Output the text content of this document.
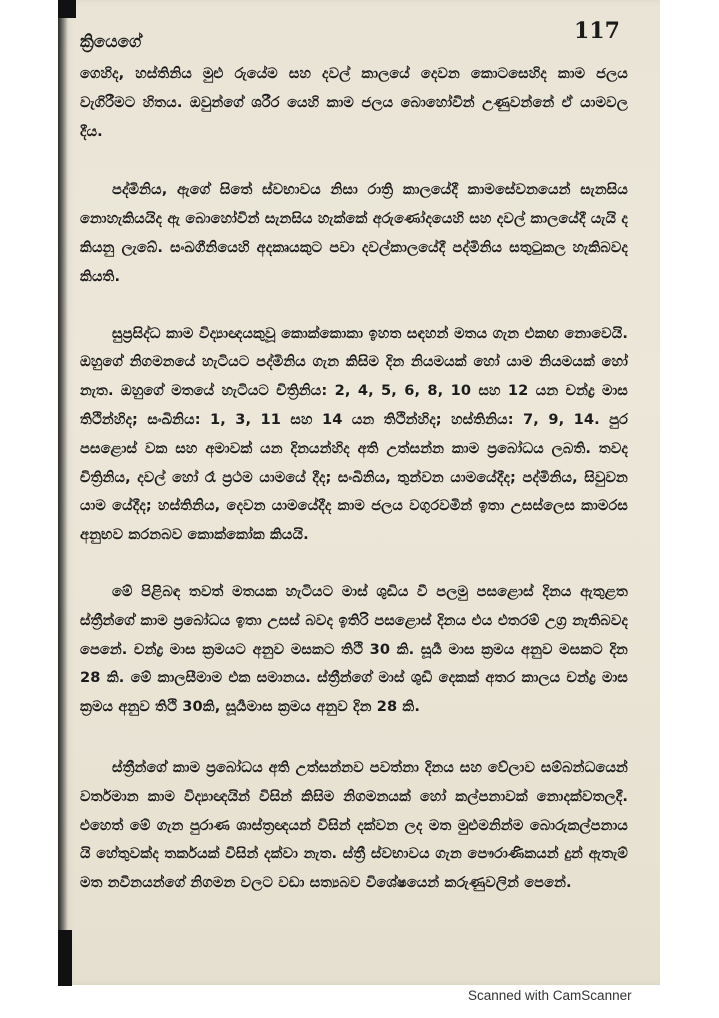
ක්‍රියෙගේ	117

ගෙහිද, හස්තිනිය මුළු රුයේම සහ දවල් කාලයේ දෙවන කොටසෙහිද කාම ජලය වැගිරීමට හිතය. ඔවුන්ගේ ශරීර යෙහි කාම ජලය බොහෝවින් උණුවන්නේ ඒ යාමවල දීය.

පද්මිනිය, ඇගේ සිතේ ස්වභාවය නිසා රාත්‍රි කාලයේදී කාමසේවනයෙන් සැනසිය නොහැකියයිද ඇ බොහෝවින් සැනසිය හැක්කේ අරුණෝදයෙහි සහ දවල් කාලයේදී යැයි ද කියනු ලැබේ. සංඛගීනියෙහි අදකෘයකුට පවා දවල්කාලයේදී පද්මිනිය සතුටුකල හැකිබවද කියති.

සුප්‍රසිද්ධ කාම විද්‍යාඥයකුවූ කොක්කොකා ඉහත සඳහන් මතය ගැන එකඟ නොවෙයි. ඔහුගේ නිගමනයේ හැටියට පද්මිනිය ගැන කිසිම දින නියමයක් හෝ යාම නියමයක් හෝ නැත. ඔහුගේ මතයේ හැටියට චිත්‍රිනිය: 2, 4, 5, 6, 8, 10 සහ 12 යන චන්ද්‍ර මාස තිථින්හිද; සංඛිනිය: 1, 3, 11 සහ 14 යන තිථින්හිද; හස්තිනිය: 7, 9, 14. පුර පසළොස් වක සහ අමාවක් යන දිනයන්හිද අති උත්සන්න කාම ප්‍රබෝධය ලබති. තවද චිත්‍රිනිය, දවල් හෝ රෑ ප්‍රථම යාමයේ දීද; සංඛිනිය, තුන්වන යාමයේදීද; පද්මිනිය, සිවුවන යාම යේදීද; හස්තිනිය, දෙවන යාමයේදීද කාම ජලය වගුරවමින් ඉතා උසස්ලෙස කාමරස අනුභව කරනබව කොක්කෝක කියයි.

මේ පිළිබඳ තවත් මතයක හැටියට මාස් ශුඩිය වී පලමු පසළොස් දිනය ඇතුළත ස්ත්‍රීන්ගේ කාම ප්‍රබෝධය ඉතා උසස් බවද ඉතිරි පසළොස් දිනය එය එතරම් උග්‍ර නැතිබවද පෙනේ. චන්ද්‍ර මාස ක්‍රමයට අනුව මසකට තිථි 30 කි. සූර්‍ය මාස ක්‍රමය අනුව මසකට දින 28 කි. මේ කාලසීමාම එක සමානය. ස්ත්‍රීන්ගේ මාස් ශුඩි දෙකක් අතර කාලය චන්ද්‍ර මාස ක්‍රමය අනුව තිථි 30කි, සූර්‍යමාස ක්‍රමය අනුව දින 28 කි.

ස්ත්‍රීන්ගේ කාම ප්‍රබෝධය අති උත්සන්නව පවත්නා දිනය සහ වේලාව සම්බන්ධයෙන් වර්තමාන කාම විද්‍යාඥයින් විසින් කිසිම නිගමනයක් හෝ කල්පනාවක් නොදක්වතලදී. එහෙත් මේ ගැන පුරාණ ශාස්ත්‍රඥයන් විසින් දක්වන ලද මත මුළුමනින්ම බොරුකල්පනාය යි හේතුවක්ද තර්කයක් විසින් දක්වා නැත. ස්ත්‍රී ස්වභාවය ගැන පෞරාණිකයන් දුන් ඇතැම් මත නවීනයන්ගේ නිගමන වලට වඩා සත්‍යබව විශේෂයෙන් කරුණුවලින් පෙනේ.

Scanned with CamScanner
